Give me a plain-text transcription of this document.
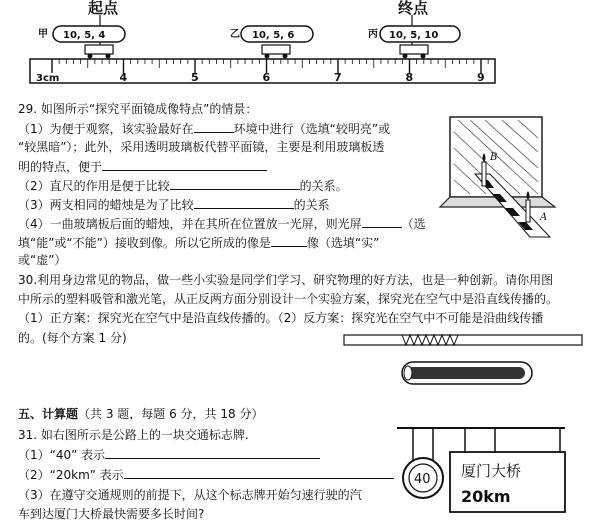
起点	终点
甲 10, 5, 4	乙 10, 5, 6	丙 10, 5, 10
3cm	4	5	6	7	8	9
29. 如图所示“探究平面镜成像特点”的情景：
（1）为便于观察，该实验最好在	环境中进行（选填“较明亮”或
“较黑暗”）；此外，采用透明玻璃板代替平面镜，主要是利用玻璃板透
明的特点，便于
（2）直尺的作用是便于比较	的关系。
（3）两支相同的蜡烛是为了比较	的关系
（4）一曲玻璃板后面的蜡烛，并在其所在位置放一光屏，则光屏	（选
填“能”或“不能”）接收到像。所以它所成的像是	像（选填“实”
或“虚”）
B
A
30.利用身边常见的物品，做一些小实验是同学们学习、研究物理的好方法，也是一种创新。请你用图
中所示的塑料吸管和激光笔，从正反两方面分别设计一个实验方案，探究光在空气中是沿直线传播的。
（1）正方案：探究光在空气中是沿直线传播的。（2）反方案：探究光在空气中不可能是沿曲线传播
的。(每个方案 1 分)
五、计算题（共 3 题，每题 6 分，共 18 分）
31. 如右图所示是公路上的一块交通标志牌.
（1）“40” 表示
（2）“20km” 表示
（3）在遵守交通规则的前提下，从这个标志牌开始匀速行驶的汽
车到达厦门大桥最快需要多长时间?
40 厦门大桥
20km
